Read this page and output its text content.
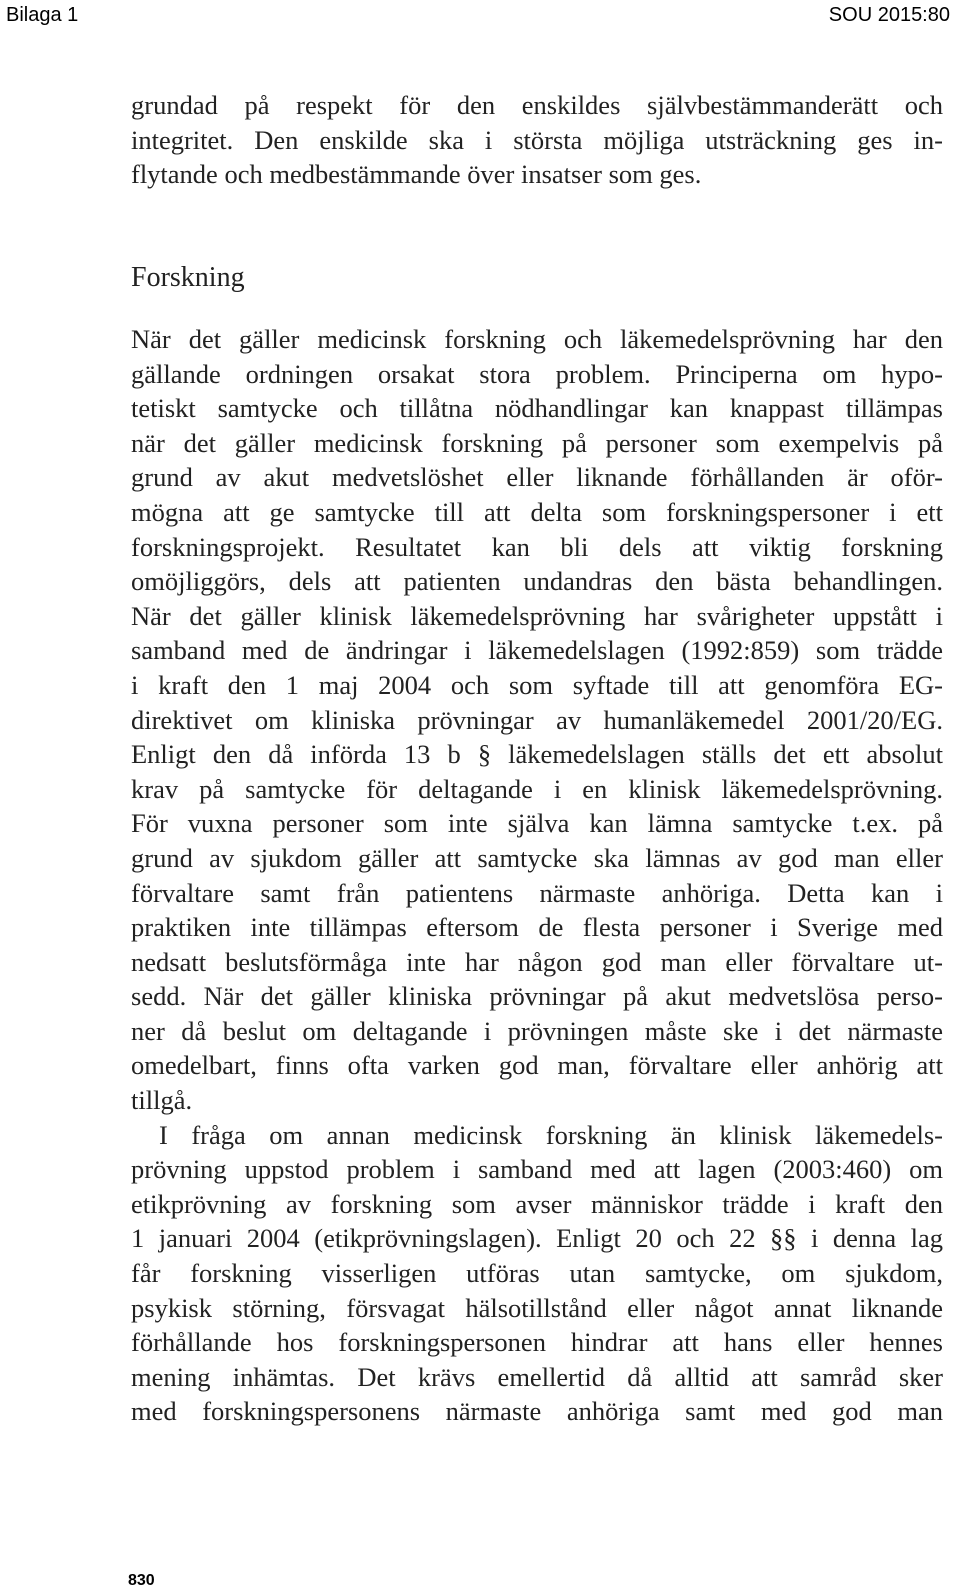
Bilaga 1	SOU 2015:80
grundad på respekt för den enskildes självbestämmanderätt och
integritet. Den enskilde ska i största möjliga utsträckning ges in-
flytande och medbestämmande över insatser som ges.
Forskning
När det gäller medicinsk forskning och läkemedelsprövning har den
gällande ordningen orsakat stora problem. Principerna om hypo-
tetiskt samtycke och tillåtna nödhandlingar kan knappast tillämpas
när det gäller medicinsk forskning på personer som exempelvis på
grund av akut medvetslöshet eller liknande förhållanden är oför-
mögna att ge samtycke till att delta som forskningspersoner i ett
forskningsprojekt. Resultatet kan bli dels att viktig forskning
omöjliggörs, dels att patienten undandras den bästa behandlingen.
När det gäller klinisk läkemedelsprövning har svårigheter uppstått i
samband med de ändringar i läkemedelslagen (1992:859) som trädde
i kraft den 1 maj 2004 och som syftade till att genomföra EG-
direktivet om kliniska prövningar av humanläkemedel 2001/20/EG.
Enligt den då införda 13 b § läkemedelslagen ställs det ett absolut
krav på samtycke för deltagande i en klinisk läkemedelsprövning.
För vuxna personer som inte själva kan lämna samtycke t.ex. på
grund av sjukdom gäller att samtycke ska lämnas av god man eller
förvaltare samt från patientens närmaste anhöriga. Detta kan i
praktiken inte tillämpas eftersom de flesta personer i Sverige med
nedsatt beslutsförmåga inte har någon god man eller förvaltare ut-
sedd. När det gäller kliniska prövningar på akut medvetslösa perso-
ner då beslut om deltagande i prövningen måste ske i det närmaste
omedelbart, finns ofta varken god man, förvaltare eller anhörig att
tillgå.
I fråga om annan medicinsk forskning än klinisk läkemedels-
prövning uppstod problem i samband med att lagen (2003:460) om
etikprövning av forskning som avser människor trädde i kraft den
1 januari 2004 (etikprövningslagen). Enligt 20 och 22 §§ i denna lag
får forskning visserligen utföras utan samtycke, om sjukdom,
psykisk störning, försvagat hälsotillstånd eller något annat liknande
förhållande hos forskningspersonen hindrar att hans eller hennes
mening inhämtas. Det krävs emellertid då alltid att samråd sker
med forskningspersonens närmaste anhöriga samt med god man
830
